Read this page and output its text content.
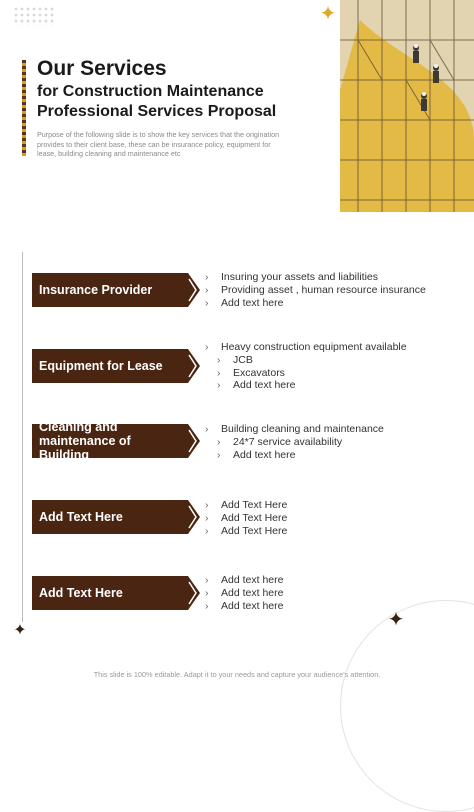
Our Services
for Construction Maintenance Professional Services Proposal

Purpose of the following slide is to show the key services that the origination provides to their client base, these can be insurance policy, equipment for lease, building cleaning and maintenance etc

✦
Insurance Provider
› Insuring your assets and liabilities
› Providing asset , human resource insurance
› Add text here
Equipment for Lease
› Heavy construction equipment available
› JCB
› Excavators
› Add text here
Cleaning and maintenance of Building
› Building cleaning and maintenance
› 24*7 service availability
› Add text here
Add Text Here
› Add Text Here
› Add Text Here
› Add Text Here
Add Text Here
› Add text here
› Add text here
› Add text here
✦	✦
This slide is 100% editable. Adapt it to your needs and capture your audience's attention.
